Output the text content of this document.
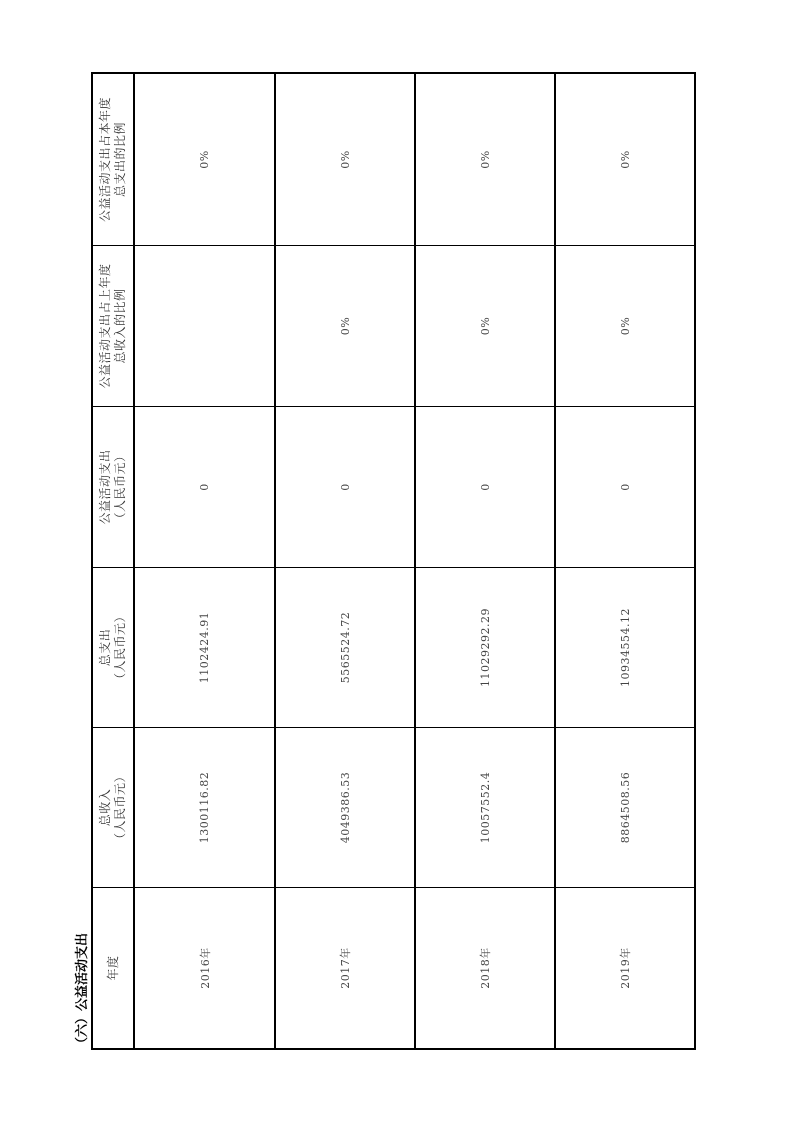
（六）公益活动支出 年度
总收入 （人民币元）
总支出 （人民币元）
公益活动支出 （人民币元）
公益活动支出占上年度 总收入的比例
公益活动支出占本年度 总支出的比例
2016年
1300116.82
1102424.91
0
0%
2017年
4049386.53
5565524.72
0
0%
0%
2018年
10057552.4
11029292.29
0
0%
0%
2019年
8864508.56
10934554.12
0
0%
0%
